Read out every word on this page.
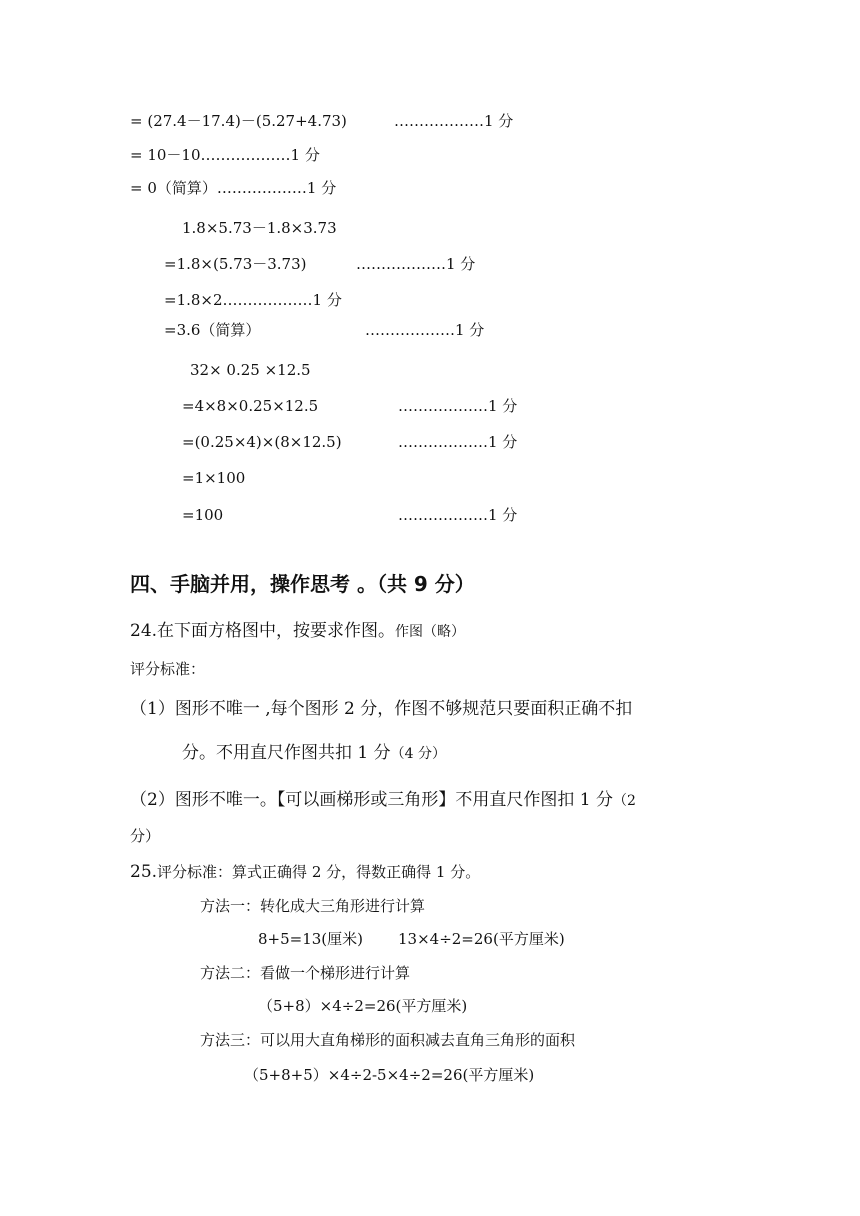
= (27.4－17.4)－(5.27+4.73)	………………1 分
= 10－10………………1 分
= 0（简算）………………1 分
1.8×5.73－1.8×3.73
=1.8×(5.73－3.73)	………………1 分
=1.8×2………………1 分
=3.6（简算）	………………1 分
32× 0.25 ×12.5
=4×8×0.25×12.5	………………1 分
=(0.25×4)×(8×12.5)	………………1 分
=1×100
=100	………………1 分
四、手脑并用，操作思考 。（共 9 分）
24.在下面方格图中，按要求作图。作图（略）
评分标准：
（1）图形不唯一 ,每个图形 2 分，作图不够规范只要面积正确不扣
分。不用直尺作图共扣 1 分（4 分）
（2）图形不唯一。【可以画梯形或三角形】不用直尺作图扣 1 分（2
分）
25.评分标准：算式正确得 2 分，得数正确得 1 分。
方法一：转化成大三角形进行计算
8+5=13(厘米) 13×4÷2=26(平方厘米)
方法二：看做一个梯形进行计算
（5+8）×4÷2=26(平方厘米)
方法三：可以用大直角梯形的面积减去直角三角形的面积
（5+8+5）×4÷2-5×4÷2=26(平方厘米)
